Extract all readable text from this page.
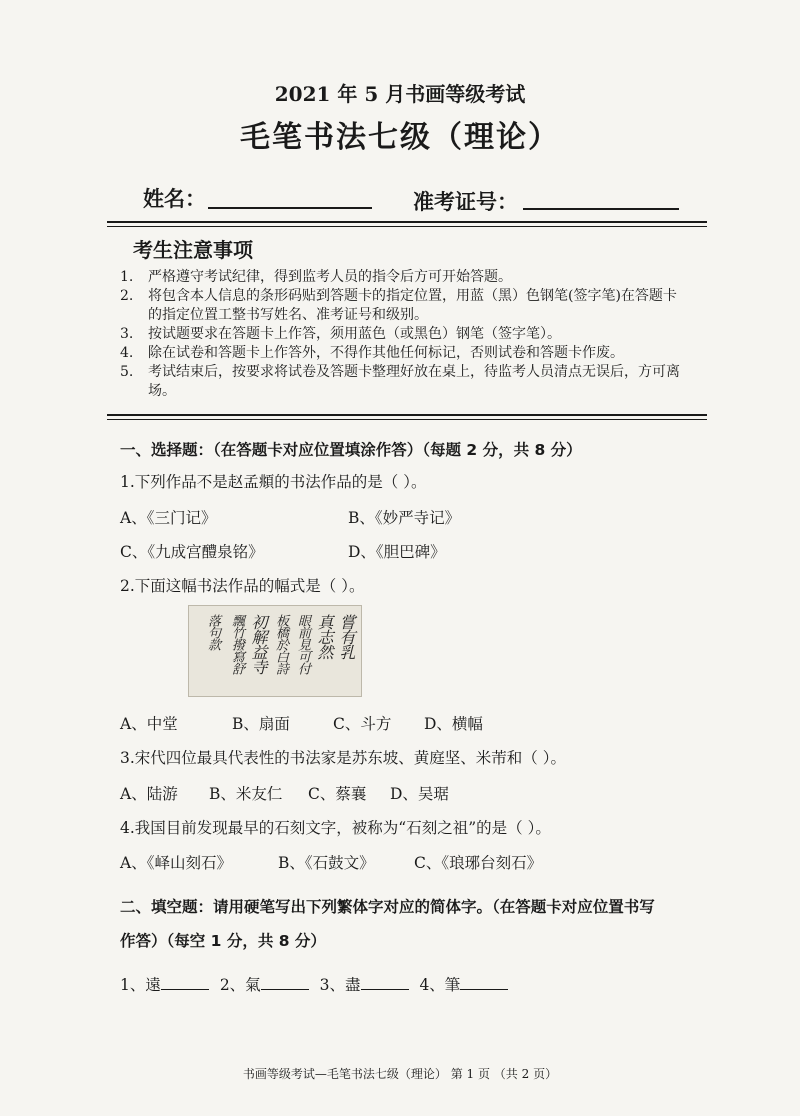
2021 年 5 月书画等级考试
毛笔书法七级（理论）
姓名：	准考证号：
考生注意事项
1.	严格遵守考试纪律，得到监考人员的指令后方可开始答题。
2.	将包含本人信息的条形码贴到答题卡的指定位置，用蓝（黑）色钢笔(签字笔)在答题卡的指定位置工整书写姓名、准考证号和级别。
3.	按试题要求在答题卡上作答，须用蓝色（或黑色）钢笔（签字笔）。
4.	除在试卷和答题卡上作答外，不得作其他任何标记，否则试卷和答题卡作废。
5.	考试结束后，按要求将试卷及答题卡整理好放在桌上，待监考人员清点无误后，方可离场。
一、选择题：（在答题卡对应位置填涂作答）（每题 2 分，共 8 分）
1.下列作品不是赵孟頫的书法作品的是（ ）。
A、《三门记》	B、《妙严寺记》
C、《九成宫醴泉铭》	D、《胆巴碑》
2.下面这幅书法作品的幅式是（ ）。
嘗有乳
真志然
眼前見可付
板橋於白詩
初解益寺
飄竹撥寫舒
落句款
A、中堂	B、扇面	C、斗方 D、横幅
3.宋代四位最具代表性的书法家是苏东坡、黄庭坚、米芾和（ ）。
A、陆游 B、米友仁 C、蔡襄 D、吴琚
4.我国目前发现最早的石刻文字，被称为“石刻之祖”的是（ ）。
A、《峄山刻石》	B、《石鼓文》	C、《琅琊台刻石》
二、填空题：请用硬笔写出下列繁体字对应的简体字。（在答题卡对应位置书写
作答）（每空 1 分，共 8 分）
1、遠	2、氣	3、盡	4、筆
书画等级考试—毛笔书法七级（理论） 第 1 页 （共 2 页）
